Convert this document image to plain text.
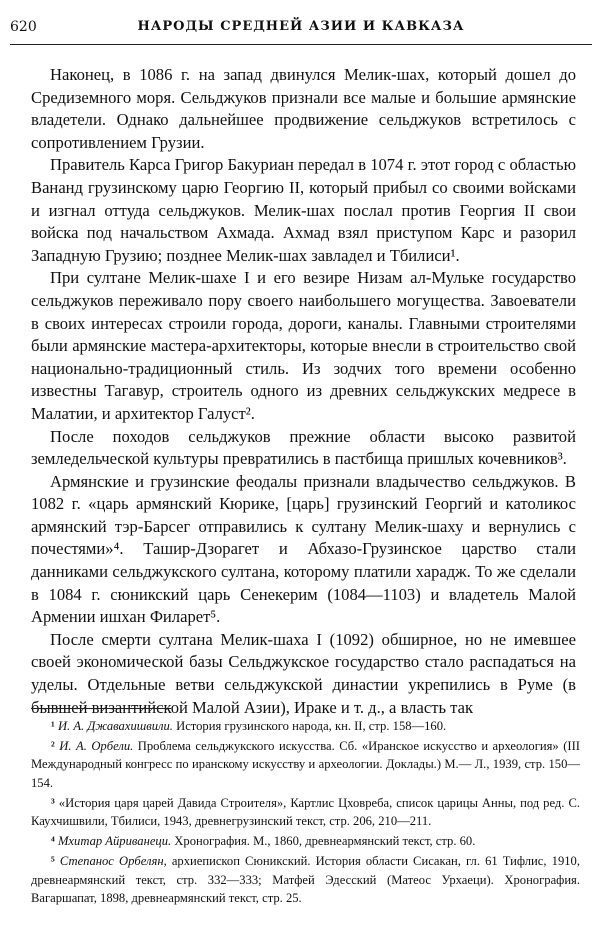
620	НАРОДЫ СРЕДНЕЙ АЗИИ И КАВКАЗА

Наконец, в 1086 г. на запад двинулся Мелик-шах, который дошел до Средиземного моря. Сельджуков признали все малые и большие армянские владетели. Однако дальнейшее продвижение сельджуков встретилось с сопротивлением Грузии.

Правитель Карса Григор Бакуриан передал в 1074 г. этот город с областью Вананд грузинскому царю Георгию II, который прибыл со своими войсками и изгнал оттуда сельджуков. Мелик-шах послал против Георгия II свои войска под начальством Ахмада. Ахмад взял приступом Карс и разорил Западную Грузию; позднее Мелик-шах завладел и Тбилиси¹.

При султане Мелик-шахе I и его везире Низам ал-Мульке государство сельджуков переживало пору своего наибольшего могущества. Завоеватели в своих интересах строили города, дороги, каналы. Главными строителями были армянские мастера-архитекторы, которые внесли в строительство свой национально-традиционный стиль. Из зодчих того времени особенно известны Тагавур, строитель одного из древних сельджукских медресе в Малатии, и архитектор Галуст².

После походов сельджуков прежние области высоко развитой земледельческой культуры превратились в пастбища пришлых кочевников³.

Армянские и грузинские феодалы признали владычество сельджуков. В 1082 г. «царь армянский Кюрике, [царь] грузинский Георгий и католикос армянский тэр-Барсег отправились к султану Мелик-шаху и вернулись с почестями»⁴. Ташир-Дзорагет и Абхазо-Грузинское царство стали данниками сельджукского султана, которому платили харадж. То же сделали в 1084 г. сюникский царь Сенекерим (1084—1103) и владетель Малой Армении ишхан Филарет⁵.

После смерти султана Мелик-шаха I (1092) обширное, но не имевшее своей экономической базы Сельджукское государство стало распадаться на уделы. Отдельные ветви сельджукской династии укрепились в Руме (в бывшей византийской Малой Азии), Ираке и т. д., а власть так

¹ И. А. Джавахишвили. История грузинского народа, кн. II, стр. 158—160.

² И. А. Орбели. Проблема сельджукского искусства. Сб. «Иранское искусство и археология» (III Международный конгресс по иранскому искусству и археологии. Доклады.) М.— Л., 1939, стр. 150—154.

³ «История царя царей Давида Строителя», Картлис Цховреба, список царицы Анны, под ред. С. Каухчишвили, Тбилиси, 1943, древнегрузинский текст, стр. 206, 210—211.

⁴ Мхитар Айриванеци. Хронография. М., 1860, древнеармянский текст, стр. 60.

⁵ Степанос Орбелян, архиепископ Сюникский. История области Сисакан, гл. 61 Тифлис, 1910, древнеармянский текст, стр. 332—333; Матфей Эдесский (Матеос Урхаеци). Хронография. Вагаршапат, 1898, древнеармянский текст, стр. 25.
